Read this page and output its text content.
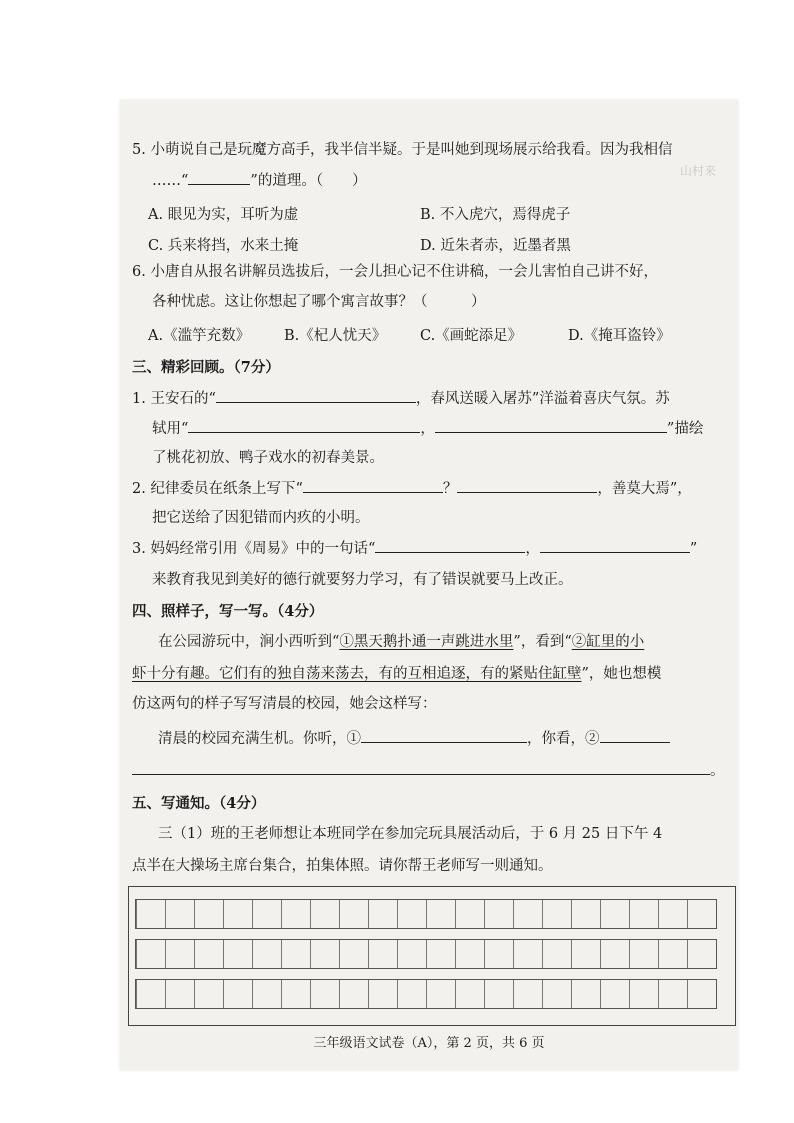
山村来
5. 小萌说自己是玩魔方高手，我半信半疑。于是叫她到现场展示给我看。因为我相信
……“	”的道理。（　　）
A. 眼见为实，耳听为虚	B. 不入虎穴，焉得虎子
C. 兵来将挡，水来土掩	D. 近朱者赤，近墨者黑
6. 小唐自从报名讲解员选拔后，一会儿担心记不住讲稿，一会儿害怕自己讲不好，
各种忧虑。这让你想起了哪个寓言故事？（　　　）
A.《滥竽充数》 B.《杞人忧天》 C.《画蛇添足》	D.《掩耳盗铃》
三、精彩回顾。（7分）
1. 王安石的“	，春风送暖入屠苏”洋溢着喜庆气氛。苏
轼用“	，	”描绘
了桃花初放、鸭子戏水的初春美景。
2. 纪律委员在纸条上写下“	？	，善莫大焉”，
把它送给了因犯错而内疚的小明。
3. 妈妈经常引用《周易》中的一句话“	，	”
来教育我见到美好的德行就要努力学习，有了错误就要马上改正。
四、照样子，写一写。（4分）
在公园游玩中，涧小西听到“①黑天鹅扑通一声跳进水里”，看到“②缸里的小
虾十分有趣。它们有的独自荡来荡去，有的互相追逐，有的紧贴住缸壁”，她也想模
仿这两句的样子写写清晨的校园，她会这样写：
清晨的校园充满生机。你听，①	，你看，②
。
五、写通知。（4分）
三（1）班的王老师想让本班同学在参加完玩具展活动后，于 6 月 25 日下午 4
点半在大操场主席台集合，拍集体照。请你帮王老师写一则通知。
三年级语文试卷（A），第 2 页，共 6 页
